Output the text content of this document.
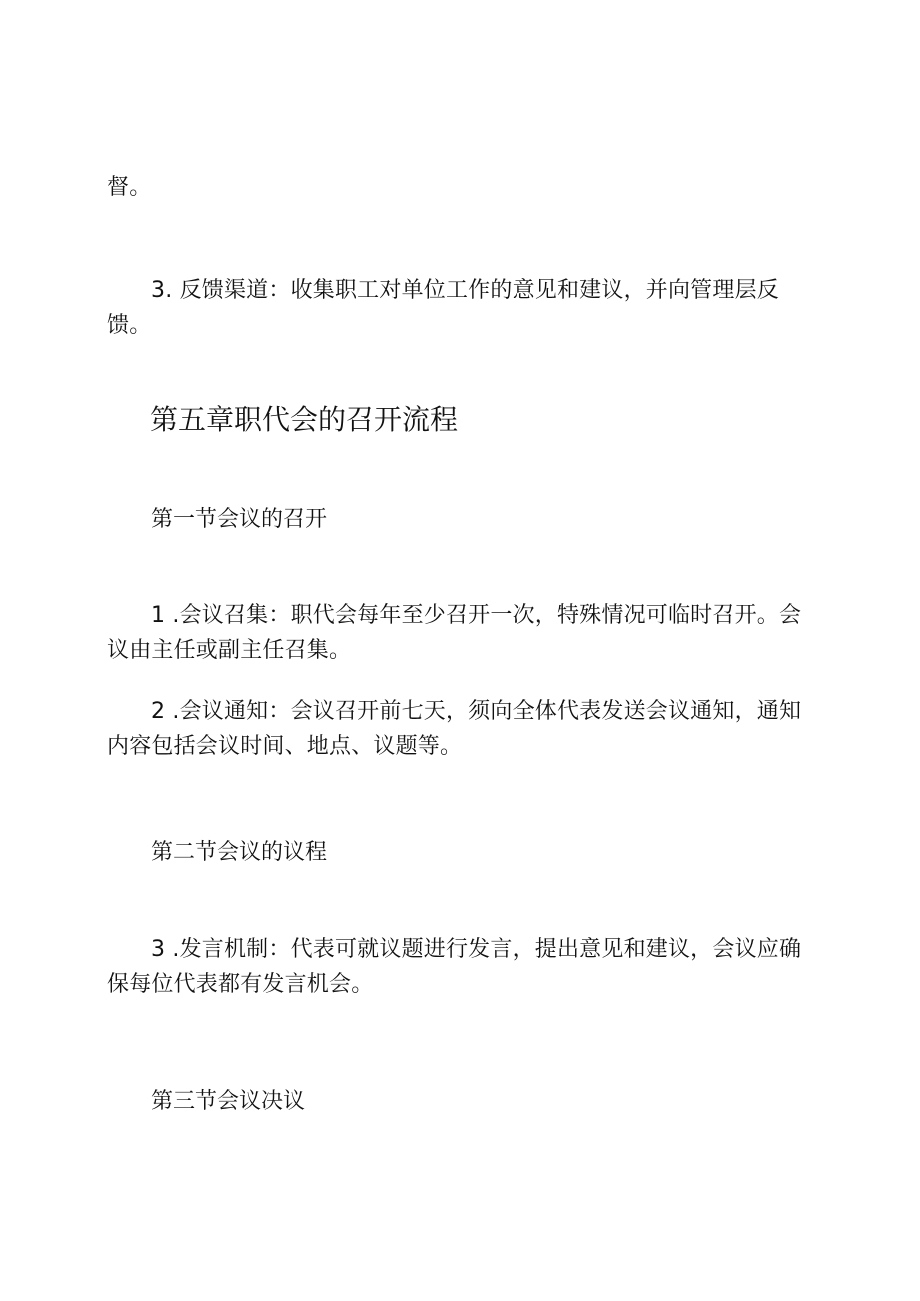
督。

3. 反馈渠道：收集职工对单位工作的意见和建议，并向管理层反馈。

第五章职代会的召开流程
第一节会议的召开

1 .会议召集：职代会每年至少召开一次，特殊情况可临时召开。会议由主任或副主任召集。

2 .会议通知：会议召开前七天，须向全体代表发送会议通知，通知内容包括会议时间、地点、议题等。

第二节会议的议程

3 .发言机制：代表可就议题进行发言，提出意见和建议，会议应确保每位代表都有发言机会。

第三节会议决议
